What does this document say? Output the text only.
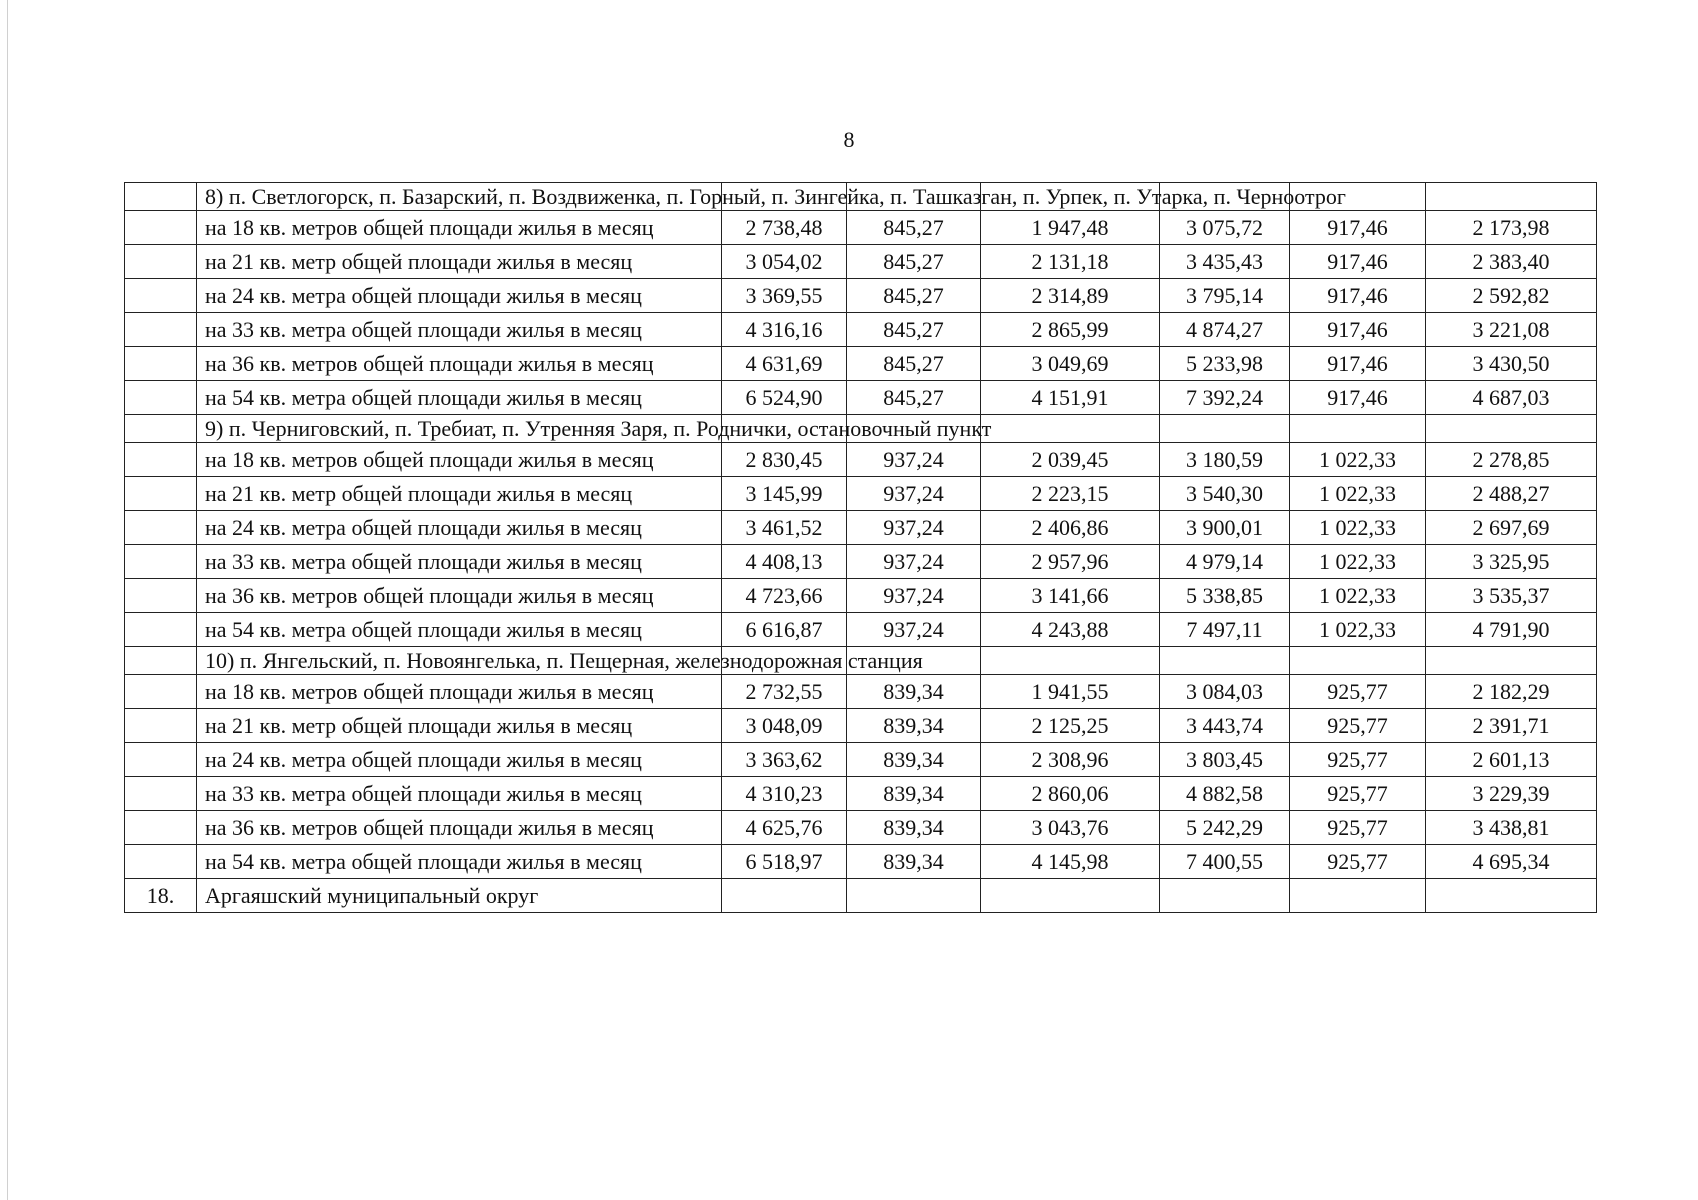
8
	8) п. Светлогорск, п. Базарский, п. Воздвиженка, п. Горный, п. Зингейка, п. Ташказган, п. Урпек, п. Утарка, п. Черноотрог						
	на 18 кв. метров общей площади жилья в месяц	2 738,48	845,27	1 947,48	3 075,72	917,46	2 173,98
	на 21 кв. метр общей площади жилья в месяц	3 054,02	845,27	2 131,18	3 435,43	917,46	2 383,40
	на 24 кв. метра общей площади жилья в месяц	3 369,55	845,27	2 314,89	3 795,14	917,46	2 592,82
	на 33 кв. метра общей площади жилья в месяц	4 316,16	845,27	2 865,99	4 874,27	917,46	3 221,08
	на 36 кв. метров общей площади жилья в месяц	4 631,69	845,27	3 049,69	5 233,98	917,46	3 430,50
	на 54 кв. метра общей площади жилья в месяц	6 524,90	845,27	4 151,91	7 392,24	917,46	4 687,03
	9) п. Черниговский, п. Требиат, п. Утренняя Заря, п. Роднички, остановочный пункт						
	на 18 кв. метров общей площади жилья в месяц	2 830,45	937,24	2 039,45	3 180,59	1 022,33	2 278,85
	на 21 кв. метр общей площади жилья в месяц	3 145,99	937,24	2 223,15	3 540,30	1 022,33	2 488,27
	на 24 кв. метра общей площади жилья в месяц	3 461,52	937,24	2 406,86	3 900,01	1 022,33	2 697,69
	на 33 кв. метра общей площади жилья в месяц	4 408,13	937,24	2 957,96	4 979,14	1 022,33	3 325,95
	на 36 кв. метров общей площади жилья в месяц	4 723,66	937,24	3 141,66	5 338,85	1 022,33	3 535,37
	на 54 кв. метра общей площади жилья в месяц	6 616,87	937,24	4 243,88	7 497,11	1 022,33	4 791,90
	10) п. Янгельский, п. Новоянгелька, п. Пещерная, железнодорожная станция						
	на 18 кв. метров общей площади жилья в месяц	2 732,55	839,34	1 941,55	3 084,03	925,77	2 182,29
	на 21 кв. метр общей площади жилья в месяц	3 048,09	839,34	2 125,25	3 443,74	925,77	2 391,71
	на 24 кв. метра общей площади жилья в месяц	3 363,62	839,34	2 308,96	3 803,45	925,77	2 601,13
	на 33 кв. метра общей площади жилья в месяц	4 310,23	839,34	2 860,06	4 882,58	925,77	3 229,39
	на 36 кв. метров общей площади жилья в месяц	4 625,76	839,34	3 043,76	5 242,29	925,77	3 438,81
	на 54 кв. метра общей площади жилья в месяц	6 518,97	839,34	4 145,98	7 400,55	925,77	4 695,34
18.	Аргаяшский муниципальный округ						
